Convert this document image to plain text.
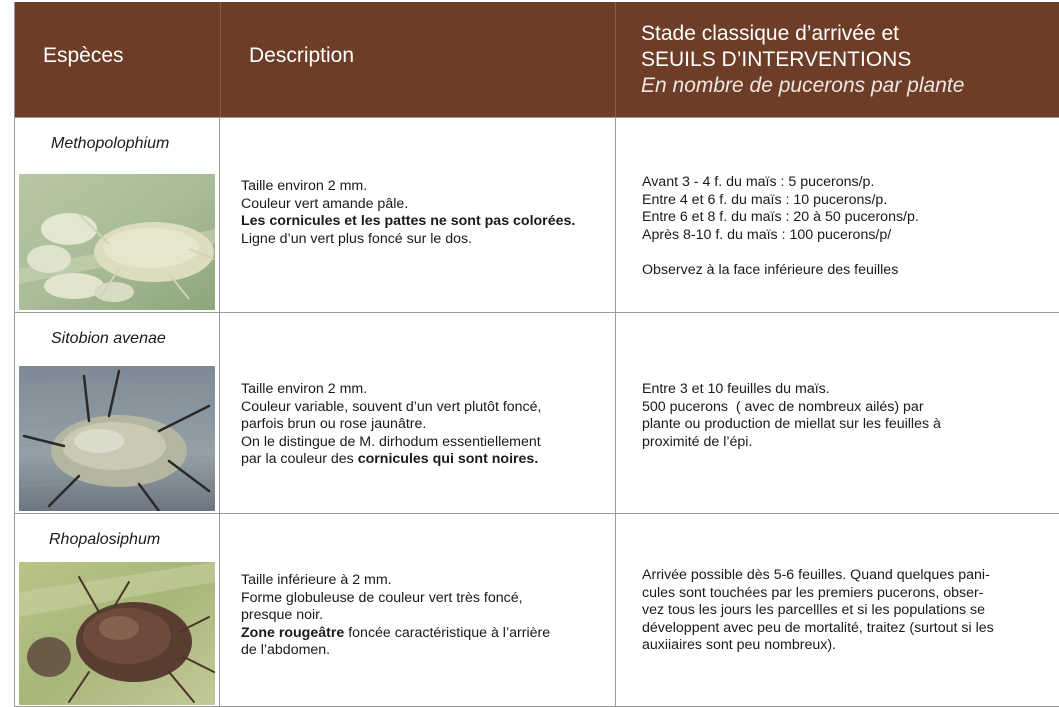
Espèces	Description
Stade classique d’arrivée et
SEUILS D’INTERVENTIONS
En nombre de pucerons par plante
Methopolophium
Taille environ 2 mm.
Couleur vert amande pâle.
Les cornicules et les pattes ne sont pas colorées.
Ligne d’un vert plus foncé sur le dos.
Avant 3 - 4 f. du maïs : 5 pucerons/p.
Entre 4 et 6 f. du maïs : 10 pucerons/p.
Entre 6 et 8 f. du maïs : 20 à 50 pucerons/p.
Après 8-10 f. du maïs : 100 pucerons/p/
Observez à la face inférieure des feuilles
Sitobion avenae
Taille environ 2 mm.
Couleur variable, souvent d’un vert plutôt foncé,
parfois brun ou rose jaunâtre.
On le distingue de M. dirhodum essentiellement
par la couleur des cornicules qui sont noires.
Entre 3 et 10 feuilles du maïs.
500 pucerons  ( avec de nombreux ailés) par
plante ou production de miellat sur les feuilles à
proximité de l’épi.
Rhopalosiphum
Taille inférieure à 2 mm.
Forme globuleuse de couleur vert très foncé,
presque noir.
Zone rougeâtre foncée caractéristique à l’arrière
de l’abdomen.
Arrivée possible dès 5-6 feuilles. Quand quelques pani-
cules sont touchées par les premiers pucerons, obser-
vez tous les jours les parcellles et si les populations se
développent avec peu de mortalité, traitez (surtout si les
auxiiaires sont peu nombreux).
